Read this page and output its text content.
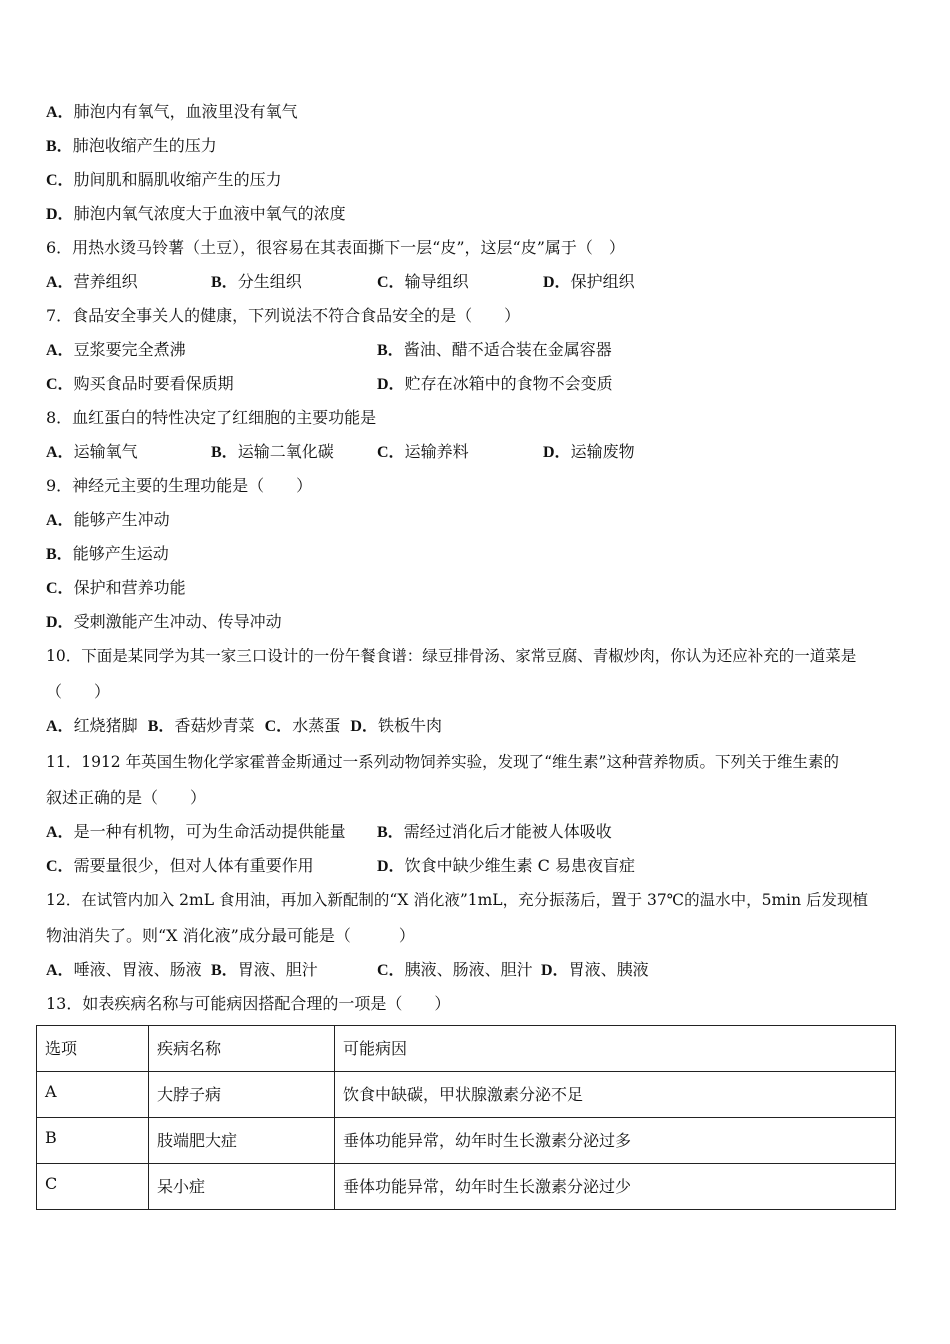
A．肺泡内有氧气，血液里没有氧气
B．肺泡收缩产生的压力
C．肋间肌和膈肌收缩产生的压力
D．肺泡内氧气浓度大于血液中氧气的浓度
6．用热水烫马铃薯（土豆），很容易在其表面撕下一层“皮”，这层“皮”属于（　）
A．营养组织	B．分生组织	C．输导组织	D．保护组织
7．食品安全事关人的健康，下列说法不符合食品安全的是（　　）
A．豆浆要完全煮沸	B．酱油、醋不适合装在金属容器
C．购买食品时要看保质期	D．贮存在冰箱中的食物不会变质
8．血红蛋白的特性决定了红细胞的主要功能是
A．运输氧气	B．运输二氧化碳	C．运输养料	D．运输废物
9．神经元主要的生理功能是（　　）
A．能够产生冲动
B．能够产生运动
C．保护和营养功能
D．受刺激能产生冲动、传导冲动
10．下面是某同学为其一家三口设计的一份午餐食谱：绿豆排骨汤、家常豆腐、青椒炒肉，你认为还应补充的一道菜是
（　　）
A．红烧猪脚 B．香菇炒青菜 C．水蒸蛋 D．铁板牛肉
11．1912 年英国生物化学家霍普金斯通过一系列动物饲养实验，发现了“维生素”这种营养物质。下列关于维生素的
叙述正确的是（　　）
A．是一种有机物，可为生命活动提供能量 B．需经过消化后才能被人体吸收
C．需要量很少，但对人体有重要作用	D．饮食中缺少维生素 C 易患夜盲症
12．在试管内加入 2mL 食用油，再加入新配制的“X 消化液”1mL，充分振荡后，置于 37℃的温水中，5min 后发现植
物油消失了。则“X 消化液”成分最可能是（　　　）
A．唾液、胃液、肠液 B．胃液、胆汁	C．胰液、肠液、胆汁 D．胃液、胰液
13．如表疾病名称与可能病因搭配合理的一项是（　　）
选项	疾病名称	可能病因
A	大脖子病	饮食中缺碳，甲状腺激素分泌不足
B	肢端肥大症	垂体功能异常，幼年时生长激素分泌过多
C	呆小症	垂体功能异常，幼年时生长激素分泌过少
